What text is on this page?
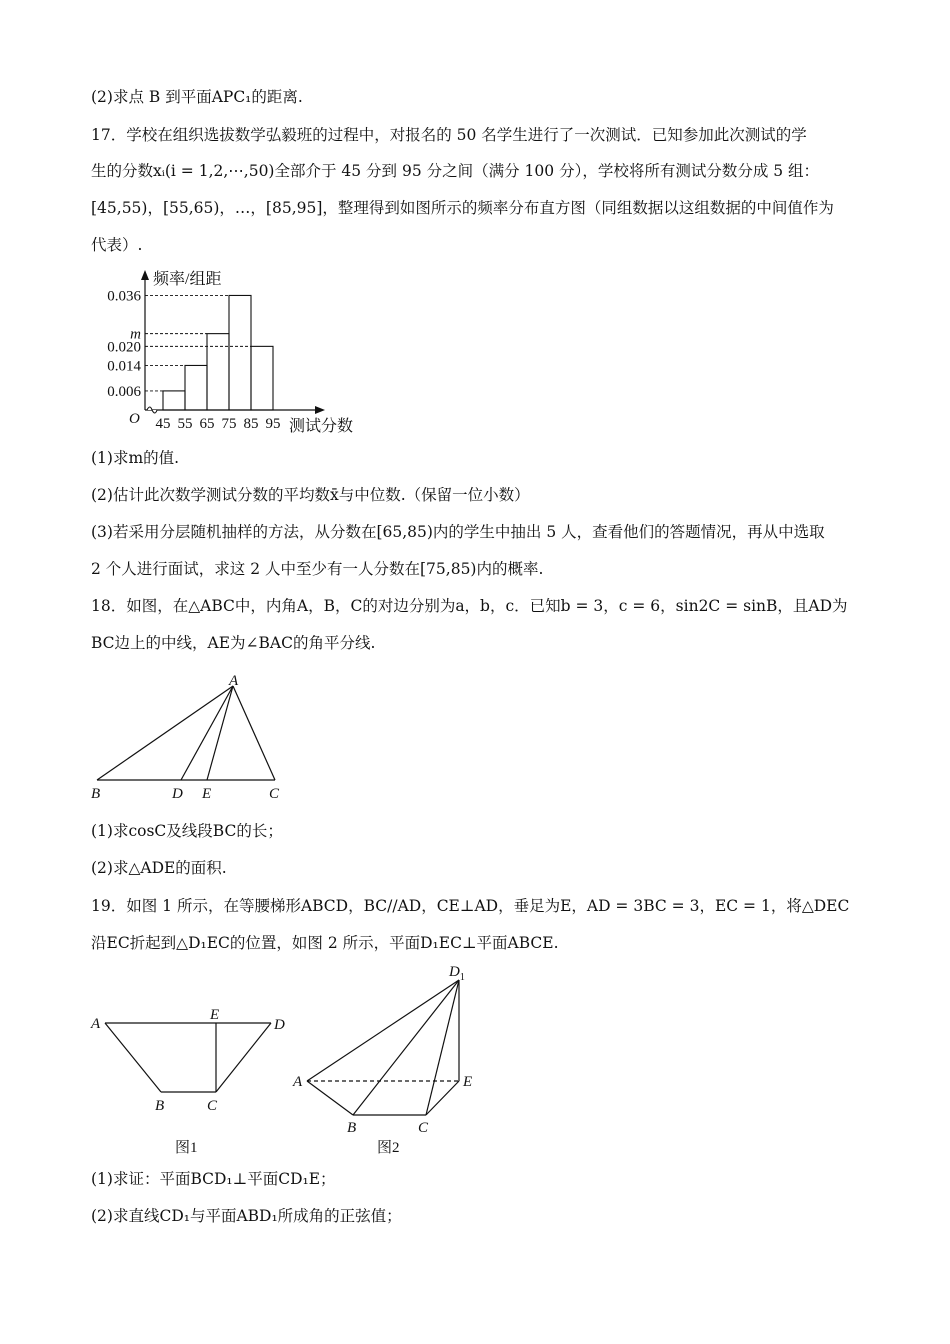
(2)求点 B 到平面APC₁的距离.
17．学校在组织选拔数学弘毅班的过程中，对报名的 50 名学生进行了一次测试．已知参加此次测试的学
生的分数xᵢ(i = 1,2,⋯,50)全部介于 45 分到 95 分之间（满分 100 分），学校将所有测试分数分成 5 组：
[45,55)，[55,65)，…，[85,95]，整理得到如图所示的频率分布直方图（同组数据以这组数据的中间值作为
代表）.
0.006
0.014
0.020
m
0.036
45 55 65 75 85 95
O
频率/组距
测试分数
(1)求m的值.
(2)估计此次数学测试分数的平均数x̄与中位数.（保留一位小数）
(3)若采用分层随机抽样的方法，从分数在[65,85)内的学生中抽出 5 人，查看他们的答题情况，再从中选取
2 个人进行面试，求这 2 人中至少有一人分数在[75,85)内的概率.
18．如图，在△ABC中，内角A，B，C的对边分别为a，b，c．已知b = 3，c = 6，sin2C = sinB，且AD为
BC边上的中线，AE为∠BAC的角平分线.
A
B	D E	C
(1)求cosC及线段BC的长；
(2)求△ADE的面积.
19．如图 1 所示，在等腰梯形ABCD，BC//AD，CE⊥AD，垂足为E，AD = 3BC = 3，EC = 1，将△DEC
沿EC折起到△D₁EC的位置，如图 2 所示，平面D₁EC⊥平面ABCE.
A
E
D
B	C
图1
$D_1$
A	E
B	C
图2
(1)求证：平面BCD₁⊥平面CD₁E；
(2)求直线CD₁与平面ABD₁所成角的正弦值；
